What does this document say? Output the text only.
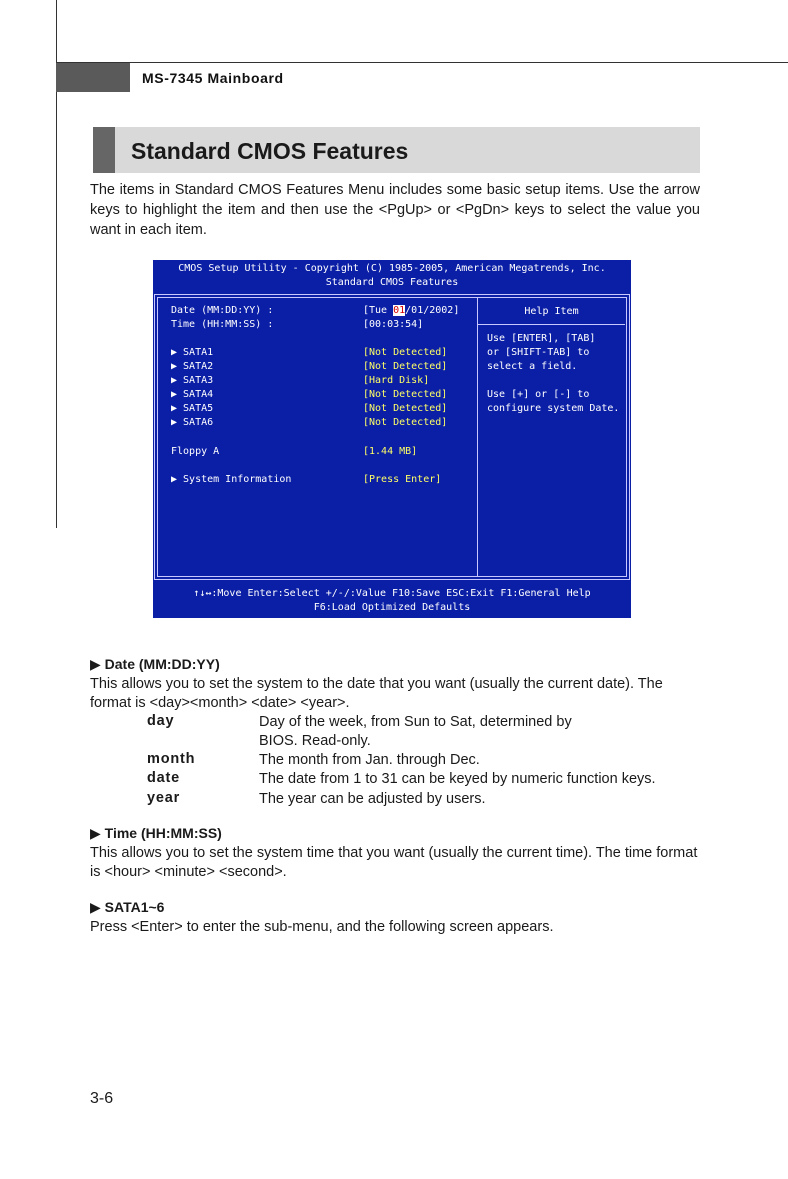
MS-7345 Mainboard
Standard CMOS Features

The items in Standard CMOS Features Menu includes some basic setup items. Use the arrow keys to highlight the item and then use the <PgUp> or <PgDn> keys to select the value you want in each item.

CMOS Setup Utility - Copyright (C) 1985-2005, American Megatrends, Inc.
Standard CMOS Features
Help Item
Date (MM:DD:YY) :	[Tue 01/01/2002]
Time (HH:MM:SS) :	[00:03:54]
▶ SATA1	[Not Detected]
▶ SATA2	[Not Detected]
▶ SATA3	[Hard Disk]
▶ SATA4	[Not Detected]
▶ SATA5	[Not Detected]
▶ SATA6	[Not Detected]
Floppy A	[1.44 MB]
▶ System Information	[Press Enter]
Use [ENTER], [TAB]
or [SHIFT-TAB] to
select a field.
Use [+] or [-] to
configure system Date.
↑↓↔:Move Enter:Select +/-/:Value F10:Save ESC:Exit F1:General Help
F6:Load Optimized Defaults
▶ Date (MM:DD:YY)

This allows you to set the system to the date that you want (usually the current date). The format is <day><month> <date> <year>.

day	Day of the week, from Sun to Sat, determined by
BIOS. Read-only.
month	The month from Jan. through Dec.
date	The date from 1 to 31 can be keyed by numeric function keys.
year	The year can be adjusted by users.
▶ Time (HH:MM:SS)

This allows you to set the system time that you want (usually the current time). The time format is <hour> <minute> <second>.

▶ SATA1~6

Press <Enter> to enter the sub-menu, and the following screen appears.

3-6
